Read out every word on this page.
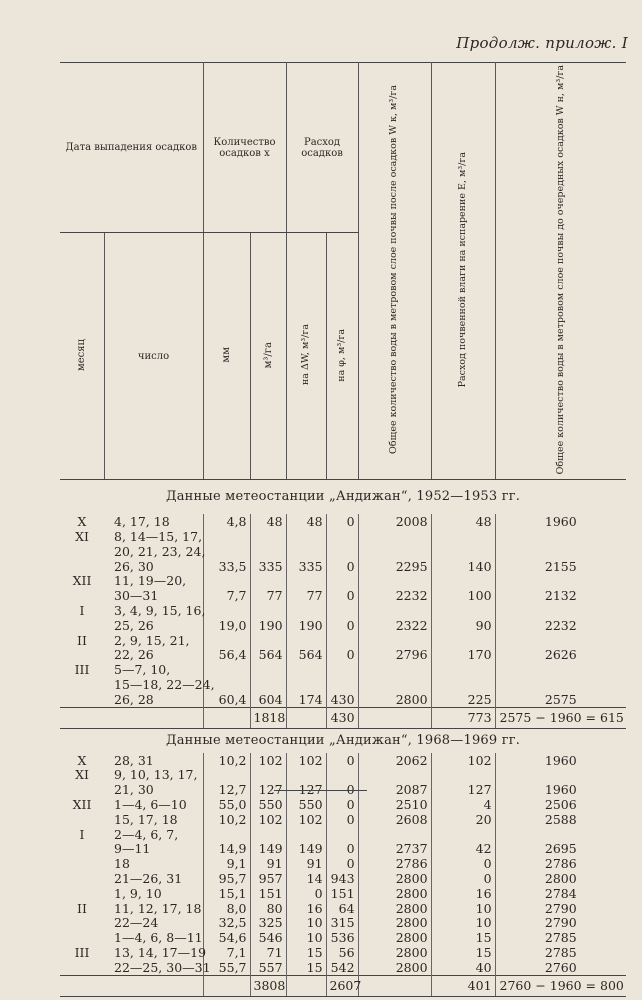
Продолж. прилож. I
Дата выпадения осадков		Количество осадков x		Расход осадков		Общее количество воды в метровом слое почвы после осадков W к, м³/га	Расход почвенной влаги на испарение E, м³/га	Общее количество воды в метровом слое почвы до очередных осадков W н, м³/га
месяц	число	мм	м³/га	на ΔW, м³/га	на φ, м³/га			
Данные метеостанции „Андижан“, 1952—1953 гг.								
X	4, 17, 18	4,8	48	48	0	2008	48	1960
XI	8, 14—15, 17,							
	20, 21, 23, 24,							
	26, 30	33,5	335	335	0	2295	140	2155
XII	11, 19—20,							
	30—31	7,7	77	77	0	2232	100	2132
I	3, 4, 9, 15, 16,							
	25, 26	19,0	190	190	0	2322	90	2232
II	2, 9, 15, 21,							
	22, 26	56,4	564	564	0	2796	170	2626
III	5—7, 10,							
	15—18, 22—24,							
	26, 28	60,4	604	174	430	2800	225	2575
			1818		430		773	2575 − 1960 = 615
Данные метеостанции „Андижан“, 1968—1969 гг.								
X	28, 31	10,2	102	102	0	2062	102	1960
XI	9, 10, 13, 17,							
	21, 30	12,7	127	127	0	2087	127	1960
XII	1—4, 6—10	55,0	550	550	0	2510	4	2506
	15, 17, 18	10,2	102	102	0	2608	20	2588
I	2—4, 6, 7,							
	9—11	14,9	149	149	0	2737	42	2695
	18	9,1	91	91	0	2786	0	2786
	21—26, 31	95,7	957	14	943	2800	0	2800
	1, 9, 10	15,1	151	0	151	2800	16	2784
II	11, 12, 17, 18	8,0	80	16	64	2800	10	2790
	22—24	32,5	325	10	315	2800	10	2790
	1—4, 6, 8—11	54,6	546	10	536	2800	15	2785
III	13, 14, 17—19	7,1	71	15	56	2800	15	2785
	22—25, 30—31	55,7	557	15	542	2800	40	2760
			3808		2607		401	2760 − 1960 = 800
